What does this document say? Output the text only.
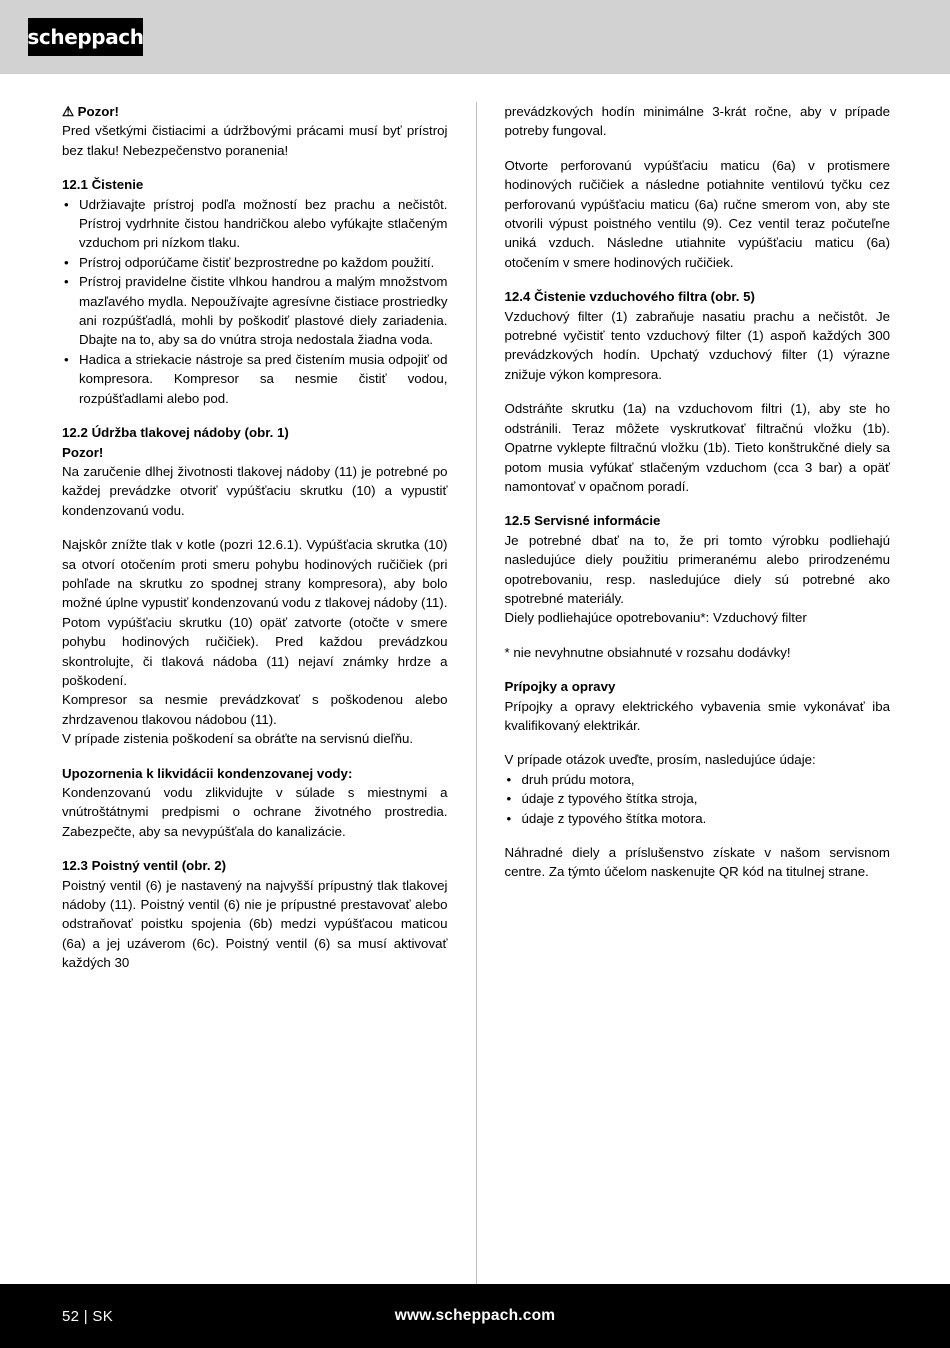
scheppach

⚠ Pozor!

Pred všetkými čistiacimi a údržbovými prácami musí byť prístroj bez tlaku! Nebezpečenstvo poranenia!

12.1 Čistenie

• Udržiavajte prístroj podľa možností bez prachu a nečistôt. Prístroj vydrhnite čistou handričkou alebo vyfúkajte stlačeným vzduchom pri nízkom tlaku.
• Prístroj odporúčame čistiť bezprostredne po každom použití.
• Prístroj pravidelne čistite vlhkou handrou a malým množstvom mazľavého mydla. Nepoužívajte agresívne čistiace prostriedky ani rozpúšťadlá, mohli by poškodiť plastové diely zariadenia. Dbajte na to, aby sa do vnútra stroja nedostala žiadna voda.
• Hadica a striekacie nástroje sa pred čistením musia odpojiť od kompresora. Kompresor sa nesmie čistiť vodou, rozpúšťadlami alebo pod.

12.2 Údržba tlakovej nádoby (obr. 1)

Pozor!

Na zaručenie dlhej životnosti tlakovej nádoby (11) je potrebné po každej prevádzke otvoriť vypúšťaciu skrutku (10) a vypustiť kondenzovanú vodu.

Najskôr znížte tlak v kotle (pozri 12.6.1). Vypúšťacia skrutka (10) sa otvorí otočením proti smeru pohybu hodinových ručičiek (pri pohľade na skrutku zo spodnej strany kompresora), aby bolo možné úplne vypustiť kondenzovanú vodu z tlakovej nádoby (11).

Potom vypúšťaciu skrutku (10) opäť zatvorte (otočte v smere pohybu hodinových ručičiek). Pred každou prevádzkou skontrolujte, či tlaková nádoba (11) nejaví známky hrdze a poškodení.

Kompresor sa nesmie prevádzkovať s poškodenou alebo zhrdzavenou tlakovou nádobou (11).

V prípade zistenia poškodení sa obráťte na servisnú dieľňu.

Upozornenia k likvidácii kondenzovanej vody:

Kondenzovanú vodu zlikvidujte v súlade s miestnymi a vnútroštátnymi predpismi o ochrane životného prostredia. Zabezpečte, aby sa nevypúšťala do kanalizácie.

12.3 Poistný ventil (obr. 2)

Poistný ventil (6) je nastavený na najvyšší prípustný tlak tlakovej nádoby (11). Poistný ventil (6) nie je prípustné prestavovať alebo odstraňovať poistku spojenia (6b) medzi vypúšťacou maticou (6a) a jej uzáverom (6c). Poistný ventil (6) sa musí aktivovať každých 30

prevádzkových hodín minimálne 3-krát ročne, aby v prípade potreby fungoval.

Otvorte perforovanú vypúšťaciu maticu (6a) v protismere hodinových ručičiek a následne potiahnite ventilovú tyčku cez perforovanú vypúšťaciu maticu (6a) ručne smerom von, aby ste otvorili výpust poistného ventilu (9). Cez ventil teraz počuteľne uniká vzduch. Následne utiahnite vypúšťaciu maticu (6a) otočením v smere hodinových ručičiek.

12.4 Čistenie vzduchového filtra (obr. 5)

Vzduchový filter (1) zabraňuje nasatiu prachu a nečistôt. Je potrebné vyčistiť tento vzduchový filter (1) aspoň každých 300 prevádzkových hodín. Upchatý vzduchový filter (1) výrazne znižuje výkon kompresora.

Odstráňte skrutku (1a) na vzduchovom filtri (1), aby ste ho odstránili. Teraz môžete vyskrutkovať filtračnú vložku (1b). Opatrne vyklepte filtračnú vložku (1b). Tieto konštrukčné diely sa potom musia vyfúkať stlačeným vzduchom (cca 3 bar) a opäť namontovať v opačnom poradí.

12.5 Servisné informácie

Je potrebné dbať na to, že pri tomto výrobku podliehajú nasledujúce diely použitiu primeranému alebo prirodzenému opotrebovaniu, resp. nasledujúce diely sú potrebné ako spotrebné materiály.

Diely podliehajúce opotrebovaniu*: Vzduchový filter

* nie nevyhnutne obsiahnuté v rozsahu dodávky!

Prípojky a opravy

Prípojky a opravy elektrického vybavenia smie vykonávať iba kvalifikovaný elektrikár.

V prípade otázok uveďte, prosím, nasledujúce údaje:

• druh prúdu motora,
• údaje z typového štítka stroja,
• údaje z typového štítka motora.

Náhradné diely a príslušenstvo získate v našom servisnom centre. Za týmto účelom naskenujte QR kód na titulnej strane.

52 | SK	www.scheppach.com
